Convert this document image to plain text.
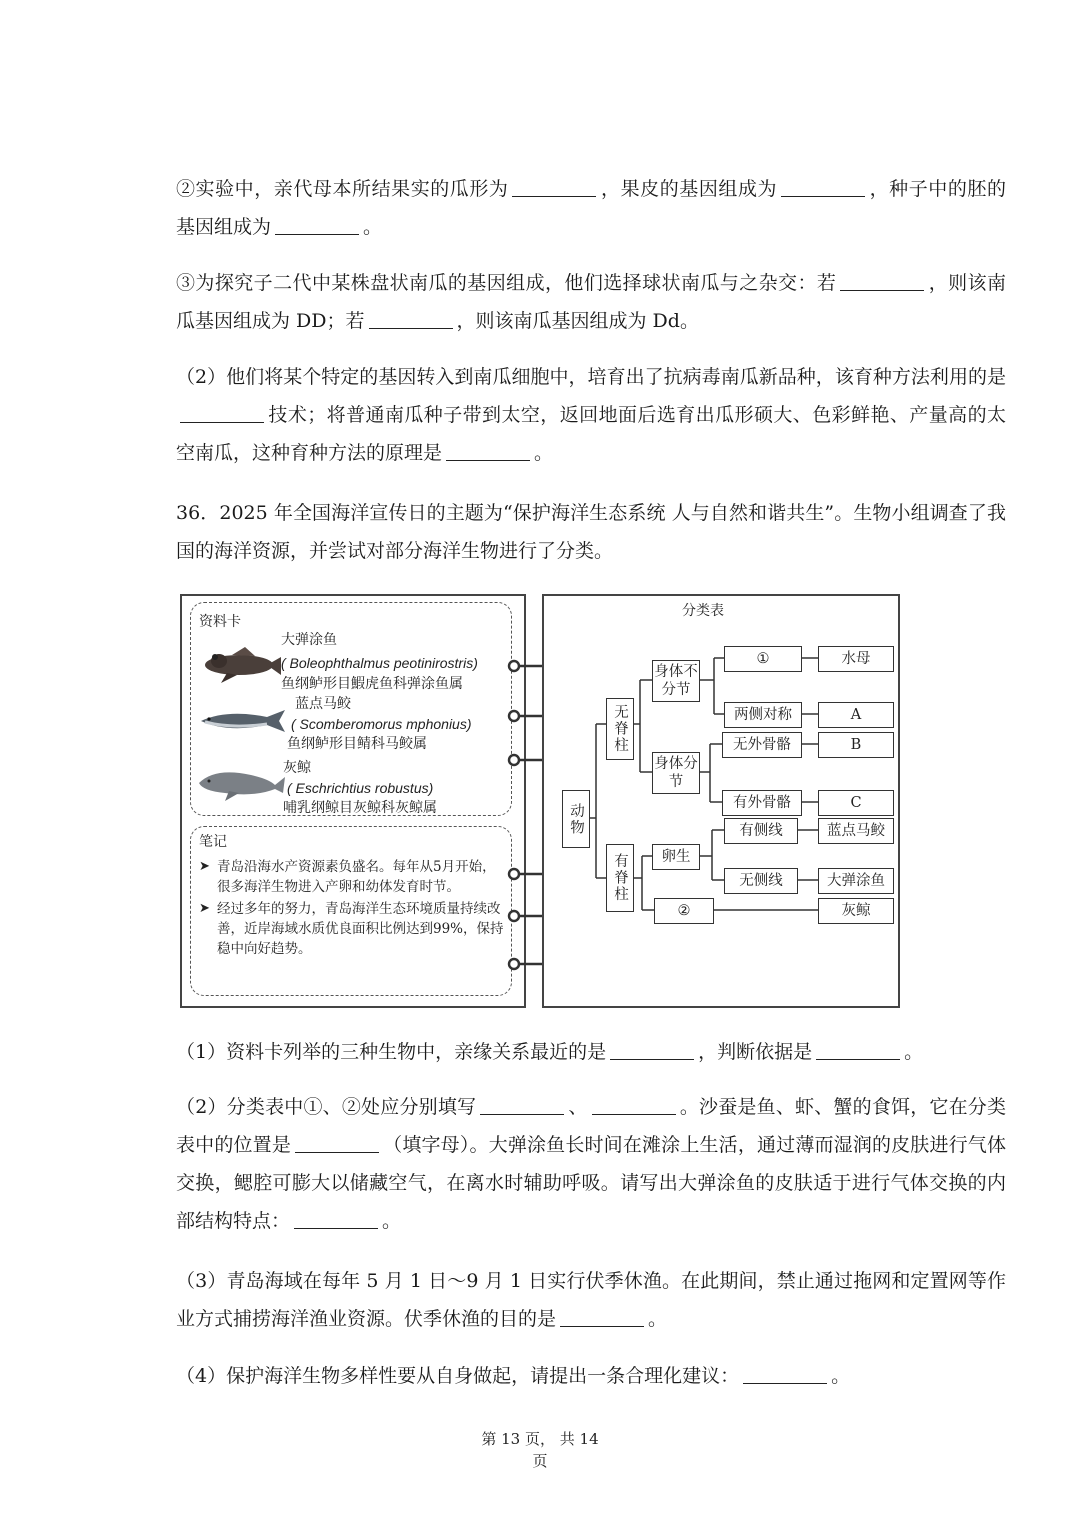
②实验中，亲代母本所结果实的瓜形为	，果皮的基因组成为	，种子中的胚的基因组成为	。

③为探究子二代中某株盘状南瓜的基因组成，他们选择球状南瓜与之杂交：若	，则该南瓜基因组成为 DD；若	，则该南瓜基因组成为 Dd。

（2）他们将某个特定的基因转入到南瓜细胞中，培育出了抗病毒南瓜新品种，该育种方法利用的是技术；将普通南瓜种子带到太空，返回地面后选育出瓜形硕大、色彩鲜艳、产量高的太空南瓜，这种育种方法的原理是	。

36．2025 年全国海洋宣传日的主题为“保护海洋生态系统 人与自然和谐共生”。生物小组调查了我国的海洋资源，并尝试对部分海洋生物进行了分类。

资料卡
大弹涂鱼
( Boleophthalmus peotinirostris)
鱼纲鲈形目鰕虎鱼科弹涂鱼属
蓝点马鲛
( Scomberomorus mphonius)
鱼纲鲈形目鲭科马鲛属
灰鲸
( Eschrichtius robustus)
哺乳纲鲸目灰鲸科灰鲸属
笔记
➤ 青岛沿海水产资源素负盛名。每年从5月开始，很多海洋生物进入产卵和幼体发育时节。
➤ 经过多年的努力，青岛海洋生态环境质量持续改善，近岸海域水质优良面积比例达到99%，保持稳中向好趋势。
分类表
动物
无脊柱
有脊柱
身体不分节
身体分节
卵生
②
①
两侧对称
无外骨骼
有外骨骼
有侧线
无侧线
水母
A
B
C
蓝点马鲛
大弹涂鱼
灰鲸

（1）资料卡列举的三种生物中，亲缘关系最近的是	，判断依据是	。

（2）分类表中①、②处应分别填写	、	。沙蚕是鱼、虾、蟹的食饵，它在分类表中的位置是	（填字母）。大弹涂鱼长时间在滩涂上生活，通过薄而湿润的皮肤进行气体交换，鳃腔可膨大以储藏空气，在离水时辅助呼吸。请写出大弹涂鱼的皮肤适于进行气体交换的内部结构特点：	。

（3）青岛海域在每年 5 月 1 日～9 月 1 日实行伏季休渔。在此期间，禁止通过拖网和定置网等作业方式捕捞海洋渔业资源。伏季休渔的目的是	。

（4）保护海洋生物多样性要从自身做起，请提出一条合理化建议：	。

第 13 页， 共 14
页
